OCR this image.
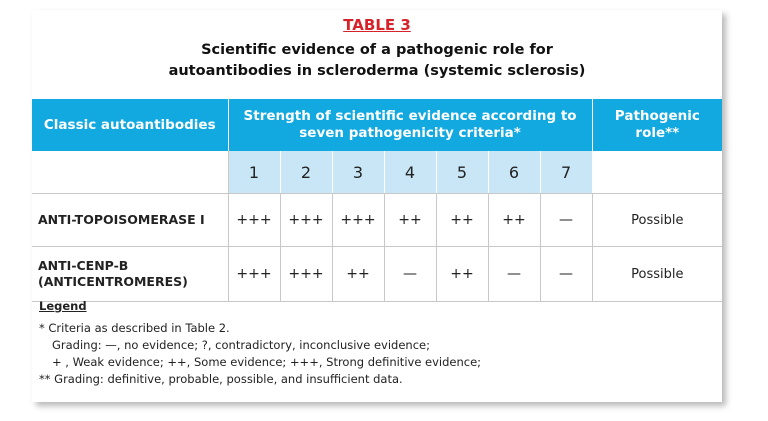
TABLE 3
Scientific evidence of a pathogenic role for
autoantibodies in scleroderma (systemic sclerosis)
Classic autoantibodies	Strength of scientific evidence according to seven pathogenicity criteria*							Pathogenic role**
	1	2	3	4	5	6	7	
ANTI-TOPOISOMERASE I	+++	+++	+++	++	++	++	—	Possible
ANTI-CENP-B (ANTICENTROMERES)	+++	+++	++	—	++	—	—	Possible
Legend
* Criteria as described in Table 2.
Grading: —, no evidence; ?, contradictory, inconclusive evidence;
+ , Weak evidence; ++, Some evidence; +++, Strong definitive evidence;
** Grading: definitive, probable, possible, and insufficient data.
